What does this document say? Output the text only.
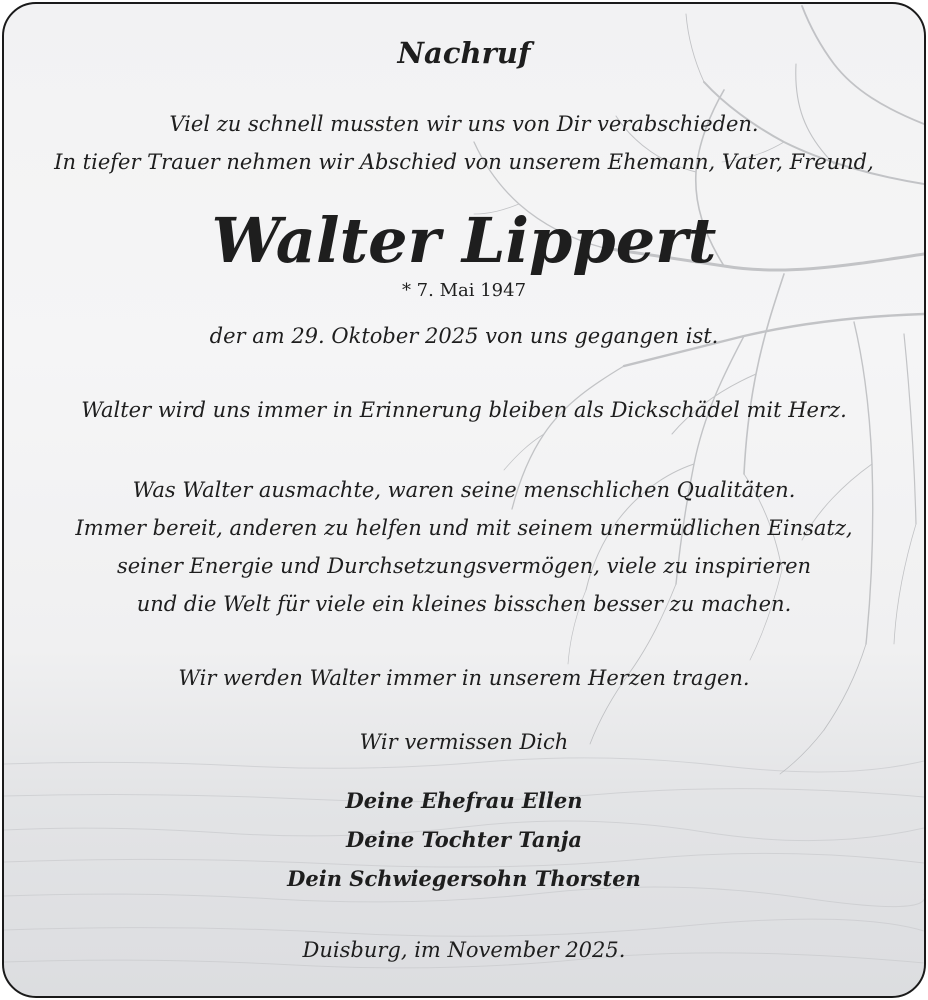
Nachruf
Viel zu schnell mussten wir uns von Dir verabschieden.
In tiefer Trauer nehmen wir Abschied von unserem Ehemann, Vater, Freund,
Walter Lippert
* 7. Mai 1947
der am 29. Oktober 2025 von uns gegangen ist.
Walter wird uns immer in Erinnerung bleiben als Dickschädel mit Herz.
Was Walter ausmachte, waren seine menschlichen Qualitäten.
Immer bereit, anderen zu helfen und mit seinem unermüdlichen Einsatz,
seiner Energie und Durchsetzungsvermögen, viele zu inspirieren
und die Welt für viele ein kleines bisschen besser zu machen.
Wir werden Walter immer in unserem Herzen tragen.
Wir vermissen Dich
Deine Ehefrau Ellen
Deine Tochter Tanja
Dein Schwiegersohn Thorsten
Duisburg, im November 2025.
